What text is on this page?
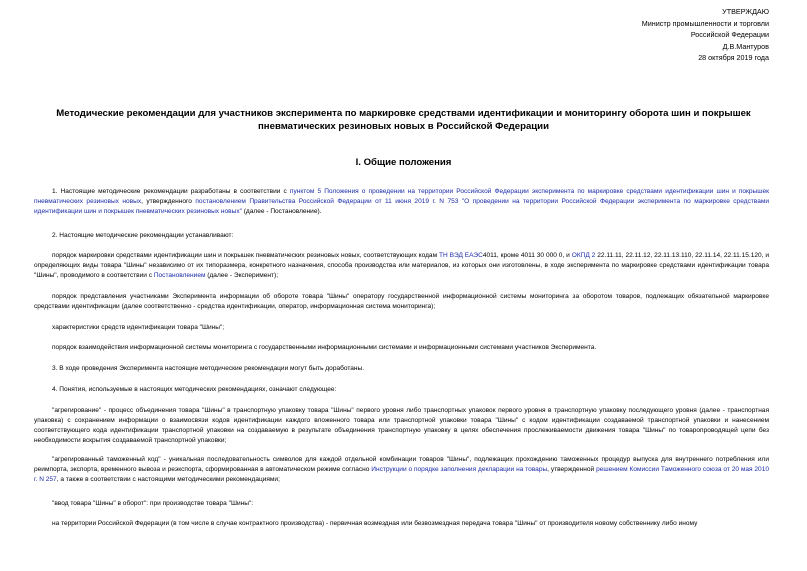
УТВЕРЖДАЮ
Министр промышленности и торговли
Российской Федерации
Д.В.Мантуров
28 октября 2019 года
Методические рекомендации для участников эксперимента по маркировке средствами идентификации и мониторингу оборота шин и покрышек пневматических резиновых новых в Российской Федерации
I. Общие положения
1. Настоящие методические рекомендации разработаны в соответствии с пунктом 5 Положения о проведении на территории Российской Федерации эксперимента по маркировке средствами идентификации шин и покрышек пневматических резиновых новых, утвержденного постановлением Правительства Российской Федерации от 11 июня 2019 г. N 753 "О проведении на территории Российской Федерации эксперимента по маркировке средствами идентификации шин и покрышек пневматических резиновых новых" (далее - Постановление).
2. Настоящие методические рекомендации устанавливают:
порядок маркировки средствами идентификации шин и покрышек пневматических резиновых новых, соответствующих кодам ТН ВЭД ЕАЭС4011, кроме 4011 30 000 0, и ОКПД 2 22.11.11, 22.11.12, 22.11.13.110, 22.11.14, 22.11.15.120, и определяющих виды товара "Шины" независимо от их типоразмера, конкретного назначения, способа производства или материалов, из которых они изготовлены, в ходе эксперимента по маркировке средствами идентификации товара "Шины", проводимого в соответствии с Постановлением (далее - Эксперимент);
порядок представления участниками Эксперимента информации об обороте товара "Шины" оператору государственной информационной системы мониторинга за оборотом товаров, подлежащих обязательной маркировке средствами идентификации (далее соответственно - средства идентификации, оператор, информационная система мониторинга);
характеристики средств идентификации товара "Шины";
порядок взаимодействия информационной системы мониторинга с государственными информационными системами и информационными системами участников Эксперимента.
3. В ходе проведения Эксперимента настоящие методические рекомендации могут быть доработаны.
4. Понятия, используемые в настоящих методических рекомендациях, означают следующее:
"агрегирование" - процесс объединения товара "Шины" в транспортную упаковку товара "Шины" первого уровня либо транспортных упаковок первого уровня в транспортную упаковку последующего уровня (далее - транспортная упаковка) с сохранением информации о взаимосвязи кодов идентификации каждого вложенного товара или транспортной упаковки товара "Шины" с кодом идентификации создаваемой транспортной упаковки и нанесением соответствующего кода идентификации транспортной упаковки на создаваемую в результате объединения транспортную упаковку в целях обеспечения прослеживаемости движения товара "Шины" по товаропроводящей цепи без необходимости вскрытия создаваемой транспортной упаковки;
"агрегированный таможенный код" - уникальная последовательность символов для каждой отдельной комбинации товаров "Шины", подлежащих прохождению таможенных процедур выпуска для внутреннего потребления или реимпорта, экспорта, временного вывоза и реэкспорта, сформированная в автоматическом режиме согласно Инструкции о порядке заполнения декларации на товары, утвержденной решением Комиссии Таможенного союза от 20 мая 2010 г. N 257, а также в соответствии с настоящими методическими рекомендациями;
"ввод товара "Шины" в оборот": при производстве товара "Шины":
на территории Российской Федерации (в том числе в случае контрактного производства) - первичная возмездная или безвозмездная передача товара "Шины" от производителя новому собственнику либо иному
